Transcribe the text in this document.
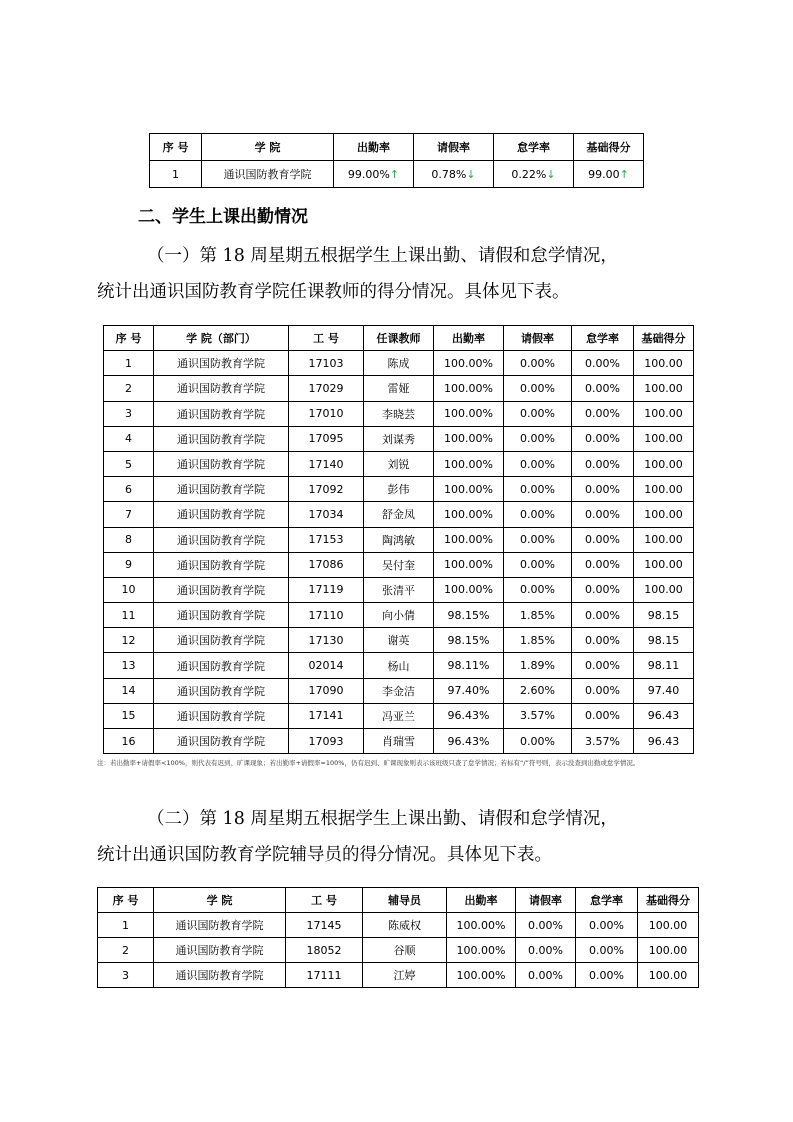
序 号	学 院	出勤率	请假率	怠学率	基础得分
1	通识国防教育学院	99.00%↑	0.78%↓	0.22%↓	99.00↑
二、学生上课出勤情况
（一）第 18 周星期五根据学生上课出勤、请假和怠学情况，
统计出通识国防教育学院任课教师的得分情况。具体见下表。
序 号	学 院（部门）	工 号	任课教师	出勤率	请假率	怠学率	基础得分
1	通识国防教育学院	17103	陈成	100.00%	0.00%	0.00%	100.00
2	通识国防教育学院	17029	雷娅	100.00%	0.00%	0.00%	100.00
3	通识国防教育学院	17010	李晓芸	100.00%	0.00%	0.00%	100.00
4	通识国防教育学院	17095	刘谋秀	100.00%	0.00%	0.00%	100.00
5	通识国防教育学院	17140	刘锐	100.00%	0.00%	0.00%	100.00
6	通识国防教育学院	17092	彭伟	100.00%	0.00%	0.00%	100.00
7	通识国防教育学院	17034	舒金凤	100.00%	0.00%	0.00%	100.00
8	通识国防教育学院	17153	陶鸿敏	100.00%	0.00%	0.00%	100.00
9	通识国防教育学院	17086	吴付奎	100.00%	0.00%	0.00%	100.00
10	通识国防教育学院	17119	张清平	100.00%	0.00%	0.00%	100.00
11	通识国防教育学院	17110	向小倩	98.15%	1.85%	0.00%	98.15
12	通识国防教育学院	17130	谢英	98.15%	1.85%	0.00%	98.15
13	通识国防教育学院	02014	杨山	98.11%	1.89%	0.00%	98.11
14	通识国防教育学院	17090	李金洁	97.40%	2.60%	0.00%	97.40
15	通识国防教育学院	17141	冯亚兰	96.43%	3.57%	0.00%	96.43
16	通识国防教育学院	17093	肖瑞雪	96.43%	0.00%	3.57%	96.43
注：若出勤率+请假率<100%，则代表有迟到、旷课现象；若出勤率+请假率=100%，仍有迟到、旷课现象则表示该班级只查了怠学情况；若标有“/”符号则，表示没查到出勤或怠学情况。
（二）第 18 周星期五根据学生上课出勤、请假和怠学情况，
统计出通识国防教育学院辅导员的得分情况。具体见下表。
序 号	学 院	工 号	辅导员	出勤率	请假率	怠学率	基础得分
1	通识国防教育学院	17145	陈威权	100.00%	0.00%	0.00%	100.00
2	通识国防教育学院	18052	谷顺	100.00%	0.00%	0.00%	100.00
3	通识国防教育学院	17111	江婷	100.00%	0.00%	0.00%	100.00
